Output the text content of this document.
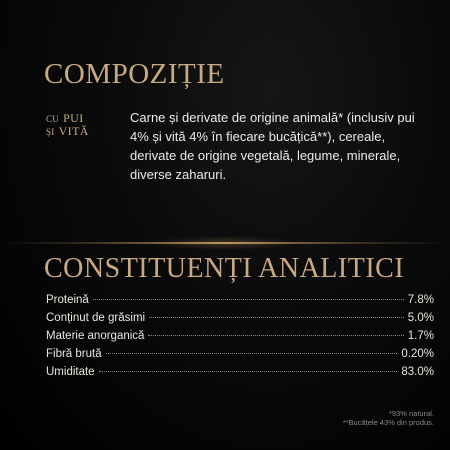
COMPOZIȚIE
CU PUI
ȘI VITĂ

Carne și derivate de origine animală* (inclusiv pui 4% și vită 4% în fiecare bucățică**), cereale, derivate de origine vegetală, legume, minerale, diverse zaharuri.

CONSTITUENȚI ANALITICI
Proteină	7.8%
Conținut de grăsimi	5.0%
Materie anorganică	1.7%
Fibră brută	0.20%
Umiditate	83.0%
*93% natural.
**Bucățele 43% din produs.
